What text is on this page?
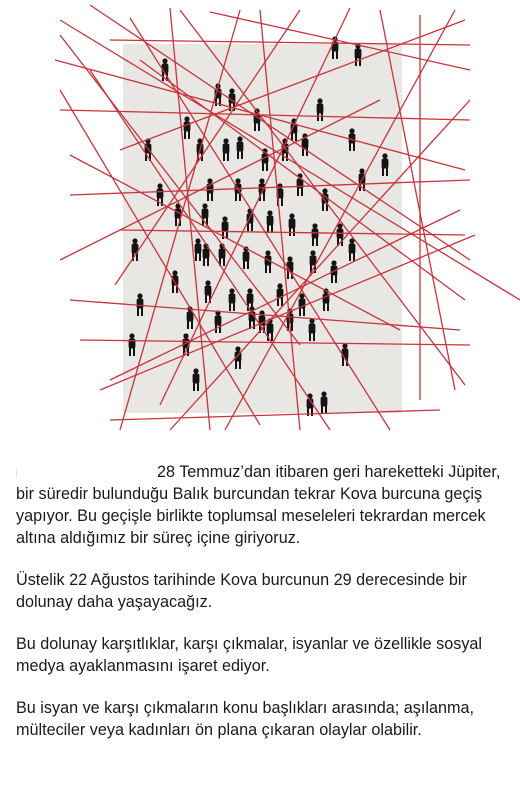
28 Temmuz’dan itibaren geri hareketteki Jüpiter, bir süredir bulunduğu Balık burcundan tekrar Kova burcuna geçiş yapıyor. Bu geçişle birlikte toplumsal meseleleri tekrardan mercek altına aldığımız bir süreç içine giriyoruz.

Üstelik 22 Ağustos tarihinde Kova burcunun 29 derecesinde bir dolunay daha yaşayacağız.

Bu dolunay karşıtlıklar, karşı çıkmalar, isyanlar ve özellikle sosyal medya ayaklanmasını işaret ediyor.

Bu isyan ve karşı çıkmaların konu başlıkları arasında; aşılanma, mülteciler veya kadınları ön plana çıkaran olaylar olabilir.
